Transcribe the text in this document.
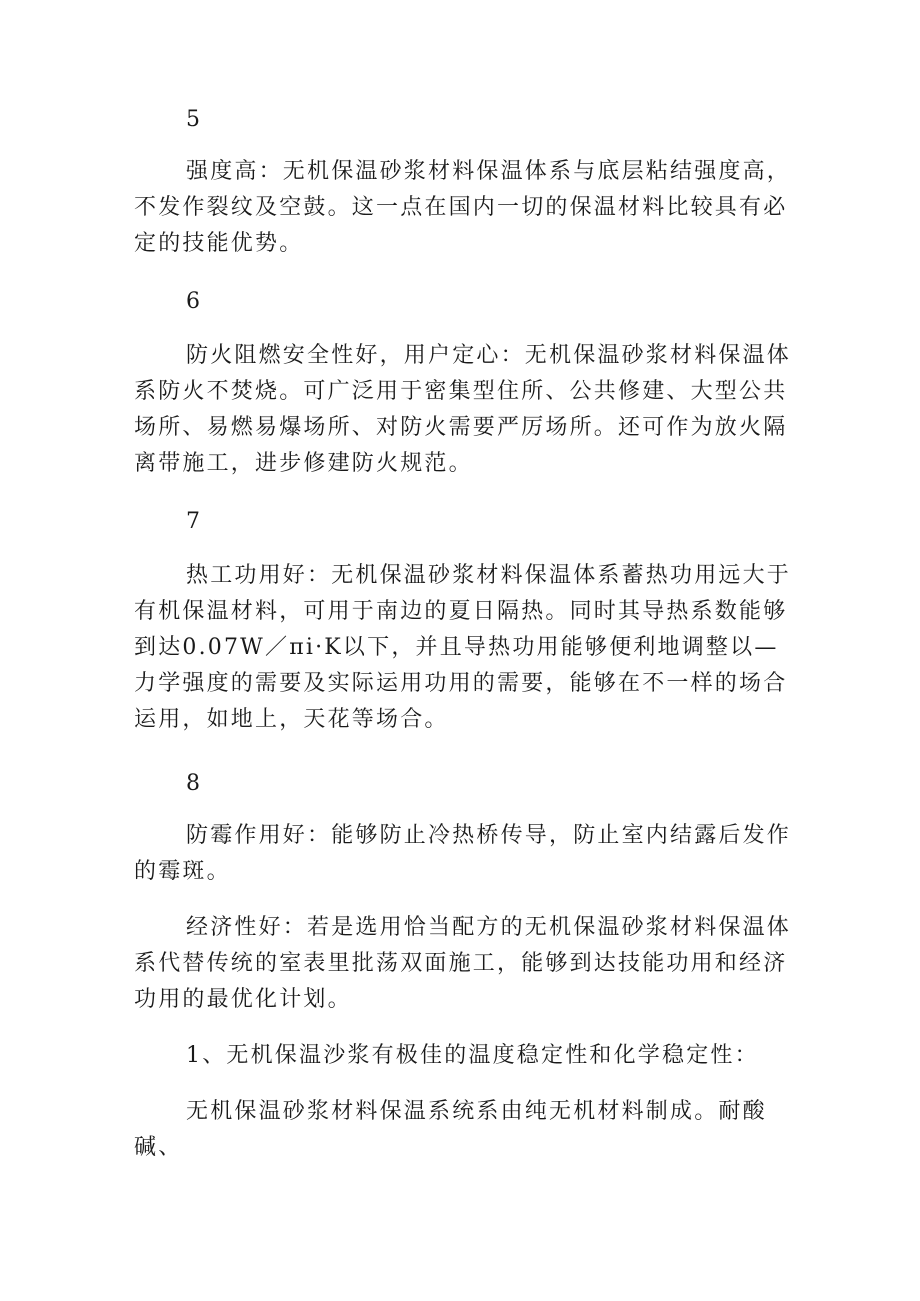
5

强度高：无机保温砂浆材料保温体系与底层粘结强度高，不发作裂纹及空鼓。这一点在国内一切的保温材料比较具有必定的技能优势。

6

防火阻燃安全性好，用户定心：无机保温砂浆材料保温体系防火不焚烧。可广泛用于密集型住所、公共修建、大型公共场所、易燃易爆场所、对防火需要严厉场所。还可作为放火隔离带施工，进步修建防火规范。

7

热工功用好：无机保温砂浆材料保温体系蓄热功用远大于有机保温材料，可用于南边的夏日隔热。同时其导热系数能够到达0.07W／πi·K以下，并且导热功用能够便利地调整以—力学强度的需要及实际运用功用的需要，能够在不一样的场合运用，如地上，天花等场合。

8

防霉作用好：能够防止冷热桥传导，防止室内结露后发作的霉斑。

经济性好：若是选用恰当配方的无机保温砂浆材料保温体系代替传统的室表里批荡双面施工，能够到达技能功用和经济功用的最优化计划。

1、无机保温沙浆有极佳的温度稳定性和化学稳定性：

无机保温砂浆材料保温系统系由纯无机材料制成。耐酸碱、
